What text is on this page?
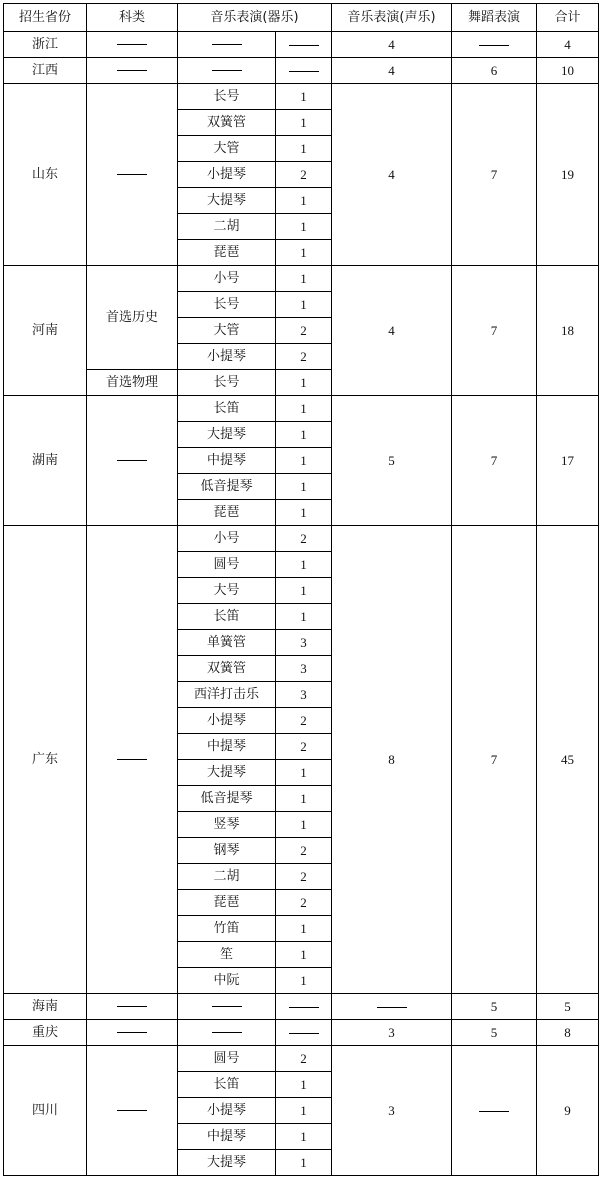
招生省份	科类	音乐表演(器乐)		音乐表演(声乐)	舞蹈表演	合计
浙江				4		4
江西				4	6	10
山东		长号	1	4	7	19
		双簧管	1			
		大管	1			
		小提琴	2			
		大提琴	1			
		二胡	1			
		琵琶	1			
河南	首选历史	小号	1	4	7	18
		长号	1			
		大管	2			
		小提琴	2			
	首选物理	长号	1			
湖南		长笛	1	5	7	17
		大提琴	1			
		中提琴	1			
		低音提琴	1			
		琵琶	1			
广东		小号	2	8	7	45
		圆号	1			
		大号	1			
		长笛	1			
		单簧管	3			
		双簧管	3			
		西洋打击乐	3			
		小提琴	2			
		中提琴	2			
		大提琴	1			
		低音提琴	1			
		竖琴	1			
		钢琴	2			
		二胡	2			
		琵琶	2			
		竹笛	1			
		笙	1			
		中阮	1			
海南					5	5
重庆				3	5	8
四川		圆号	2	3		9
		长笛	1			
		小提琴	1			
		中提琴	1			
		大提琴	1			
